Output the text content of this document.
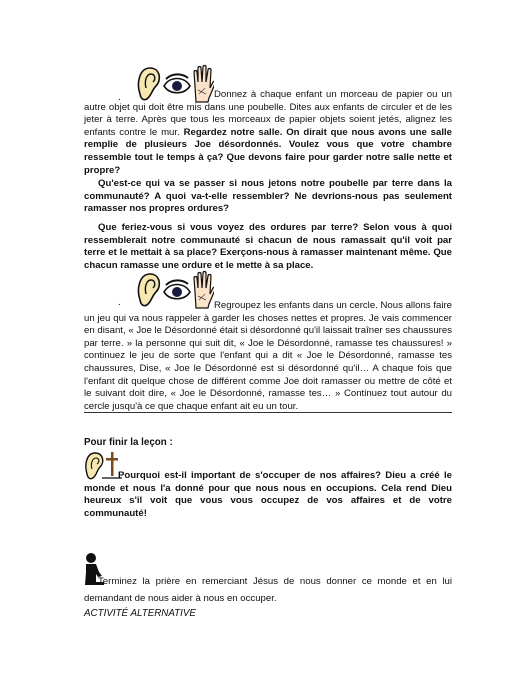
.	Donnez à chaque enfant un morceau de papier ou un autre objet qui doit être mis dans une poubelle. Dites aux enfants de circuler et de les jeter à terre. Après que tous les morceaux de papier objets soient jetés, alignez les enfants contre le mur. Regardez notre salle. On dirait que nous avons une salle remplie de plusieurs Joe désordonnés. Voulez vous que votre chambre ressemble tout le temps à ça? Que devons faire pour garder notre salle nette et propre?

Qu'est-ce qui va se passer si nous jetons notre poubelle par terre dans la communauté? A quoi va-t-elle ressembler? Ne devrions-nous pas seulement ramasser nos propres ordures?

Que feriez-vous si vous voyez des ordures par terre? Selon vous à quoi ressemblerait notre communauté si chacun de nous ramassait qu'il voit par terre et le mettait à sa place? Exerçons-nous à ramasser maintenant même. Que chacun ramasse une ordure et le mette à sa place.

.	Regroupez les enfants dans un cercle. Nous allons faire un jeu qui va nous rappeler à garder les choses nettes et propres. Je vais commencer en disant, « Joe le Désordonné était si désordonné qu'il laissait traîner ses chaussures par terre. » la personne qui suit dit, « Joe le Désordonné, ramasse tes chaussures! » continuez le jeu de sorte que l'enfant qui a dit « Joe le Désordonné, ramasse tes chaussures, Dise, « Joe le Désordonné est si désordonné qu'il… A chaque fois que l'enfant dit quelque chose de différent comme Joe doit ramasser ou mettre de côté et le suivant doit dire, « Joe le Désordonné, ramasse tes… » Continuez tout autour du cercle jusqu'à ce que chaque enfant ait eu un tour.

Pour finir la leçon :

Pourquoi est-il important de s'occuper de nos affaires? Dieu a créé le monde et nous l'a donné pour que nous nous en occupions. Cela rend Dieu heureux s'il voit que vous vous occupez de vos affaires et de votre communauté!

Terminez la prière en remerciant Jésus de nous donner ce monde et en lui demandant de nous aider à nous en occuper.

ACTIVITÉ ALTERNATIVE
